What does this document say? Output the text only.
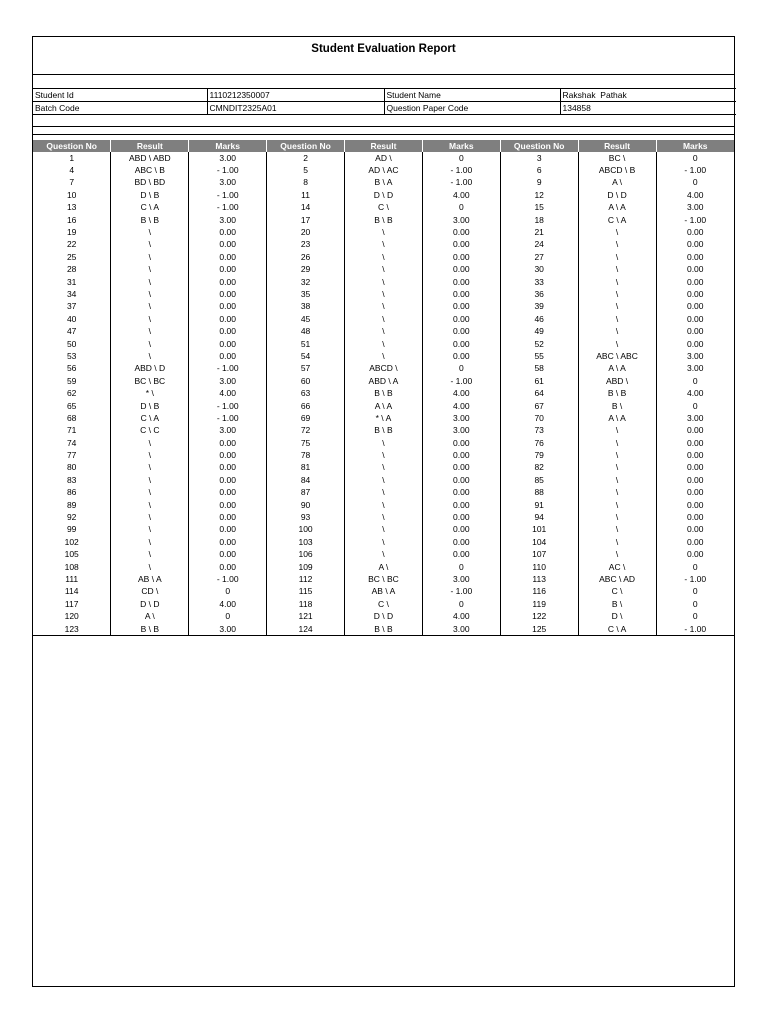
Student Evaluation Report
Student Id	1110212350007	Student Name	Rakshak  Pathak
Batch Code	CMNDIT2325A01	Question Paper Code	134858
Question No	Result	Marks	Question No	Result	Marks	Question No	Result	Marks
1	ABD \ ABD	3.00	2	AD \	0	3	BC \	0
4	ABC \ B	- 1.00	5	AD \ AC	- 1.00	6	ABCD \ B	- 1.00
7	BD \ BD	3.00	8	B \ A	- 1.00	9	A \	0
10	D \ B	- 1.00	11	D \ D	4.00	12	D \ D	4.00
13	C \ A	- 1.00	14	C \	0	15	A \ A	3.00
16	B \ B	3.00	17	B \ B	3.00	18	C \ A	- 1.00
19	\	0.00	20	\	0.00	21	\	0.00
22	\	0.00	23	\	0.00	24	\	0.00
25	\	0.00	26	\	0.00	27	\	0.00
28	\	0.00	29	\	0.00	30	\	0.00
31	\	0.00	32	\	0.00	33	\	0.00
34	\	0.00	35	\	0.00	36	\	0.00
37	\	0.00	38	\	0.00	39	\	0.00
40	\	0.00	45	\	0.00	46	\	0.00
47	\	0.00	48	\	0.00	49	\	0.00
50	\	0.00	51	\	0.00	52	\	0.00
53	\	0.00	54	\	0.00	55	ABC \ ABC	3.00
56	ABD \ D	- 1.00	57	ABCD \	0	58	A \ A	3.00
59	BC \ BC	3.00	60	ABD \ A	- 1.00	61	ABD \	0
62	* \	4.00	63	B \ B	4.00	64	B \ B	4.00
65	D \ B	- 1.00	66	A \ A	4.00	67	B \	0
68	C \ A	- 1.00	69	* \ A	3.00	70	A \ A	3.00
71	C \ C	3.00	72	B \ B	3.00	73	\	0.00
74	\	0.00	75	\	0.00	76	\	0.00
77	\	0.00	78	\	0.00	79	\	0.00
80	\	0.00	81	\	0.00	82	\	0.00
83	\	0.00	84	\	0.00	85	\	0.00
86	\	0.00	87	\	0.00	88	\	0.00
89	\	0.00	90	\	0.00	91	\	0.00
92	\	0.00	93	\	0.00	94	\	0.00
99	\	0.00	100	\	0.00	101	\	0.00
102	\	0.00	103	\	0.00	104	\	0.00
105	\	0.00	106	\	0.00	107	\	0.00
108	\	0.00	109	A \	0	110	AC \	0
111	AB \ A	- 1.00	112	BC \ BC	3.00	113	ABC \ AD	- 1.00
114	CD \	0	115	AB \ A	- 1.00	116	C \	0
117	D \ D	4.00	118	C \	0	119	B \	0
120	A \	0	121	D \ D	4.00	122	D \	0
123	B \ B	3.00	124	B \ B	3.00	125	C \ A	- 1.00
